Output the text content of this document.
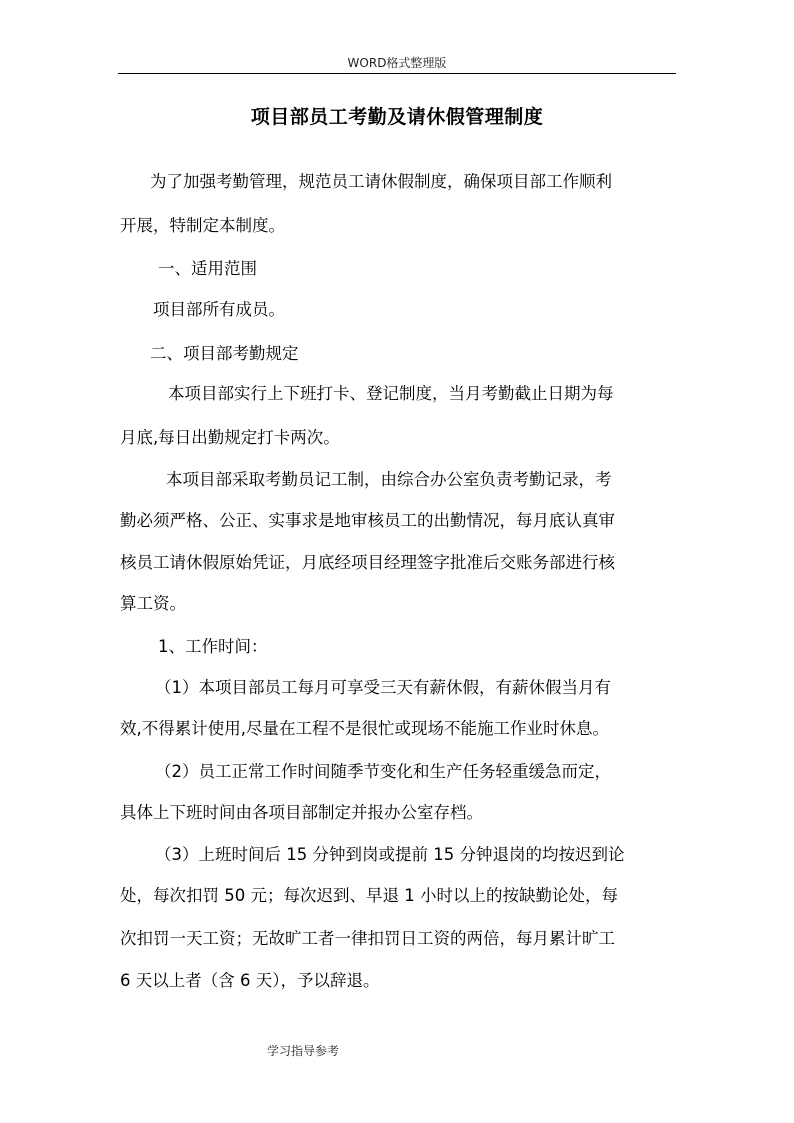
WORD格式整理版
项目部员工考勤及请休假管理制度
为了加强考勤管理，规范员工请休假制度，确保项目部工作顺利
开展，特制定本制度。
一、适用范围
项目部所有成员。
二、项目部考勤规定
本项目部实行上下班打卡、登记制度，当月考勤截止日期为每
月底,每日出勤规定打卡两次。
本项目部采取考勤员记工制，由综合办公室负责考勤记录，考
勤必须严格、公正、实事求是地审核员工的出勤情况，每月底认真审
核员工请休假原始凭证，月底经项目经理签字批准后交账务部进行核
算工资。
1、工作时间：
（1）本项目部员工每月可享受三天有薪休假，有薪休假当月有
效,不得累计使用,尽量在工程不是很忙或现场不能施工作业时休息。
（2）员工正常工作时间随季节变化和生产任务轻重缓急而定，
具体上下班时间由各项目部制定并报办公室存档。
（3）上班时间后 15 分钟到岗或提前 15 分钟退岗的均按迟到论
处，每次扣罚 50 元；每次迟到、早退 1 小时以上的按缺勤论处，每
次扣罚一天工资；无故旷工者一律扣罚日工资的两倍，每月累计旷工
6 天以上者（含 6 天），予以辞退。
学习指导参考
